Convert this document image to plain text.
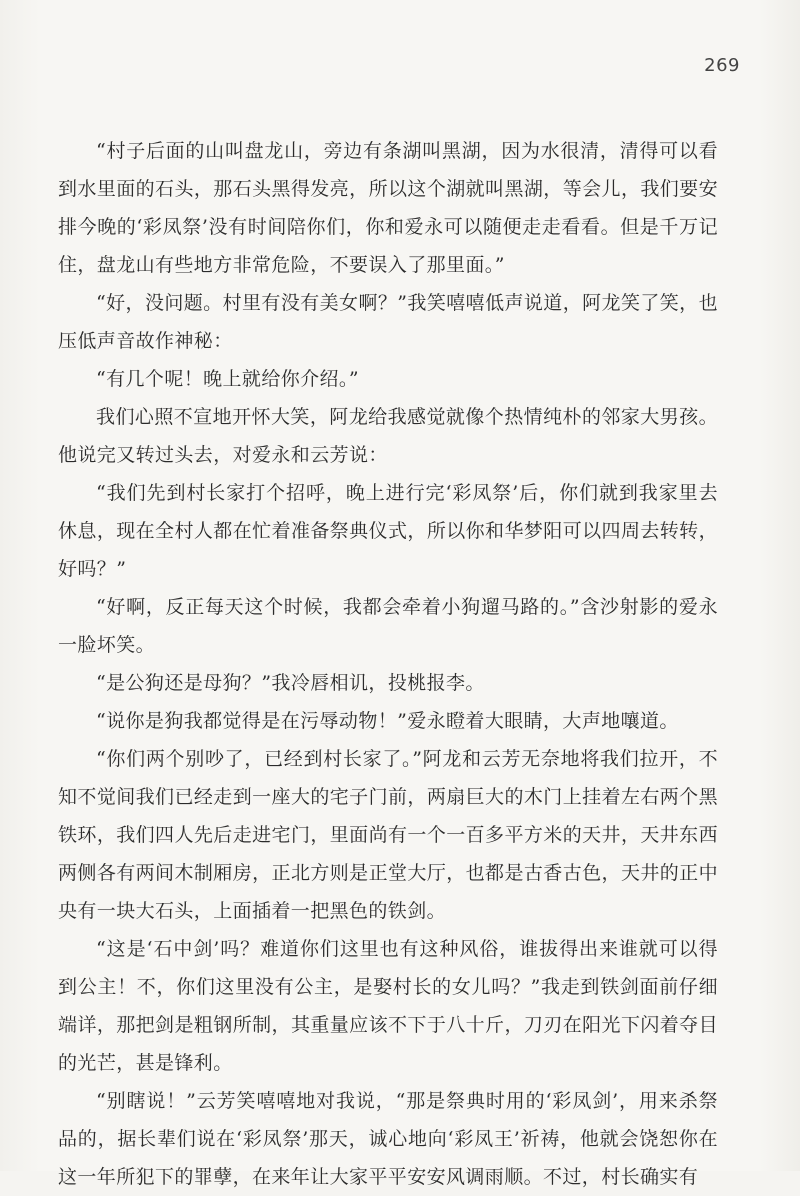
269

“村子后面的山叫盘龙山，旁边有条湖叫黑湖，因为水很清，清得可以看到水里面的石头，那石头黑得发亮，所以这个湖就叫黑湖，等会儿，我们要安排今晚的‘彩凤祭’没有时间陪你们，你和爱永可以随便走走看看。但是千万记住，盘龙山有些地方非常危险，不要误入了那里面。”

“好，没问题。村里有没有美女啊？”我笑嘻嘻低声说道，阿龙笑了笑，也压低声音故作神秘：

“有几个呢！晚上就给你介绍。”

我们心照不宣地开怀大笑，阿龙给我感觉就像个热情纯朴的邻家大男孩。他说完又转过头去，对爱永和云芳说：

“我们先到村长家打个招呼，晚上进行完‘彩凤祭’后，你们就到我家里去休息，现在全村人都在忙着准备祭典仪式，所以你和华梦阳可以四周去转转，好吗？”

“好啊，反正每天这个时候，我都会牵着小狗遛马路的。”含沙射影的爱永一脸坏笑。

“是公狗还是母狗？”我冷唇相讥，投桃报李。

“说你是狗我都觉得是在污辱动物！”爱永瞪着大眼睛，大声地嚷道。

“你们两个别吵了，已经到村长家了。”阿龙和云芳无奈地将我们拉开，不知不觉间我们已经走到一座大的宅子门前，两扇巨大的木门上挂着左右两个黑铁环，我们四人先后走进宅门，里面尚有一个一百多平方米的天井，天井东西两侧各有两间木制厢房，正北方则是正堂大厅，也都是古香古色，天井的正中央有一块大石头，上面插着一把黑色的铁剑。

“这是‘石中剑’吗？难道你们这里也有这种风俗，谁拔得出来谁就可以得到公主！不，你们这里没有公主，是娶村长的女儿吗？”我走到铁剑面前仔细端详，那把剑是粗钢所制，其重量应该不下于八十斤，刀刃在阳光下闪着夺目的光芒，甚是锋利。

“别瞎说！”云芳笑嘻嘻地对我说，“那是祭典时用的‘彩凤剑’，用来杀祭品的，据长辈们说在‘彩凤祭’那天，诚心地向‘彩凤王’祈祷，他就会饶恕你在这一年所犯下的罪孽，在来年让大家平平安安风调雨顺。不过，村长确实有
